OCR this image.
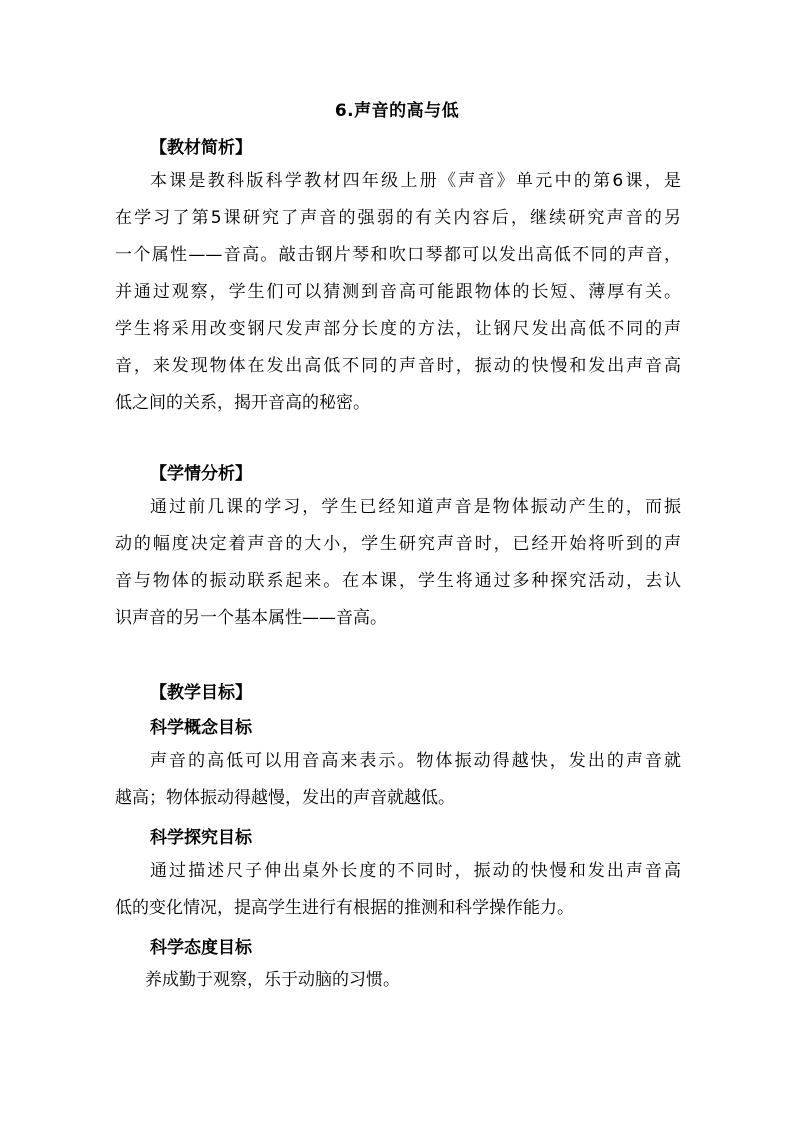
6.声音的高与低
【教材简析】
本课是教科版科学教材四年级上册《声音》单元中的第6课，是
在学习了第5课研究了声音的强弱的有关内容后，继续研究声音的另
一个属性——音高。敲击钢片琴和吹口琴都可以发出高低不同的声音，
并通过观察，学生们可以猜测到音高可能跟物体的长短、薄厚有关。
学生将采用改变钢尺发声部分长度的方法，让钢尺发出高低不同的声
音，来发现物体在发出高低不同的声音时，振动的快慢和发出声音高
低之间的关系，揭开音高的秘密。
【学情分析】
通过前几课的学习，学生已经知道声音是物体振动产生的，而振
动的幅度决定着声音的大小，学生研究声音时，已经开始将听到的声
音与物体的振动联系起来。在本课，学生将通过多种探究活动，去认
识声音的另一个基本属性——音高。
【教学目标】
科学概念目标
声音的高低可以用音高来表示。物体振动得越快，发出的声音就
越高；物体振动得越慢，发出的声音就越低。
科学探究目标
通过描述尺子伸出桌外长度的不同时，振动的快慢和发出声音高
低的变化情况，提高学生进行有根据的推测和科学操作能力。
科学态度目标
养成勤于观察，乐于动脑的习惯。
